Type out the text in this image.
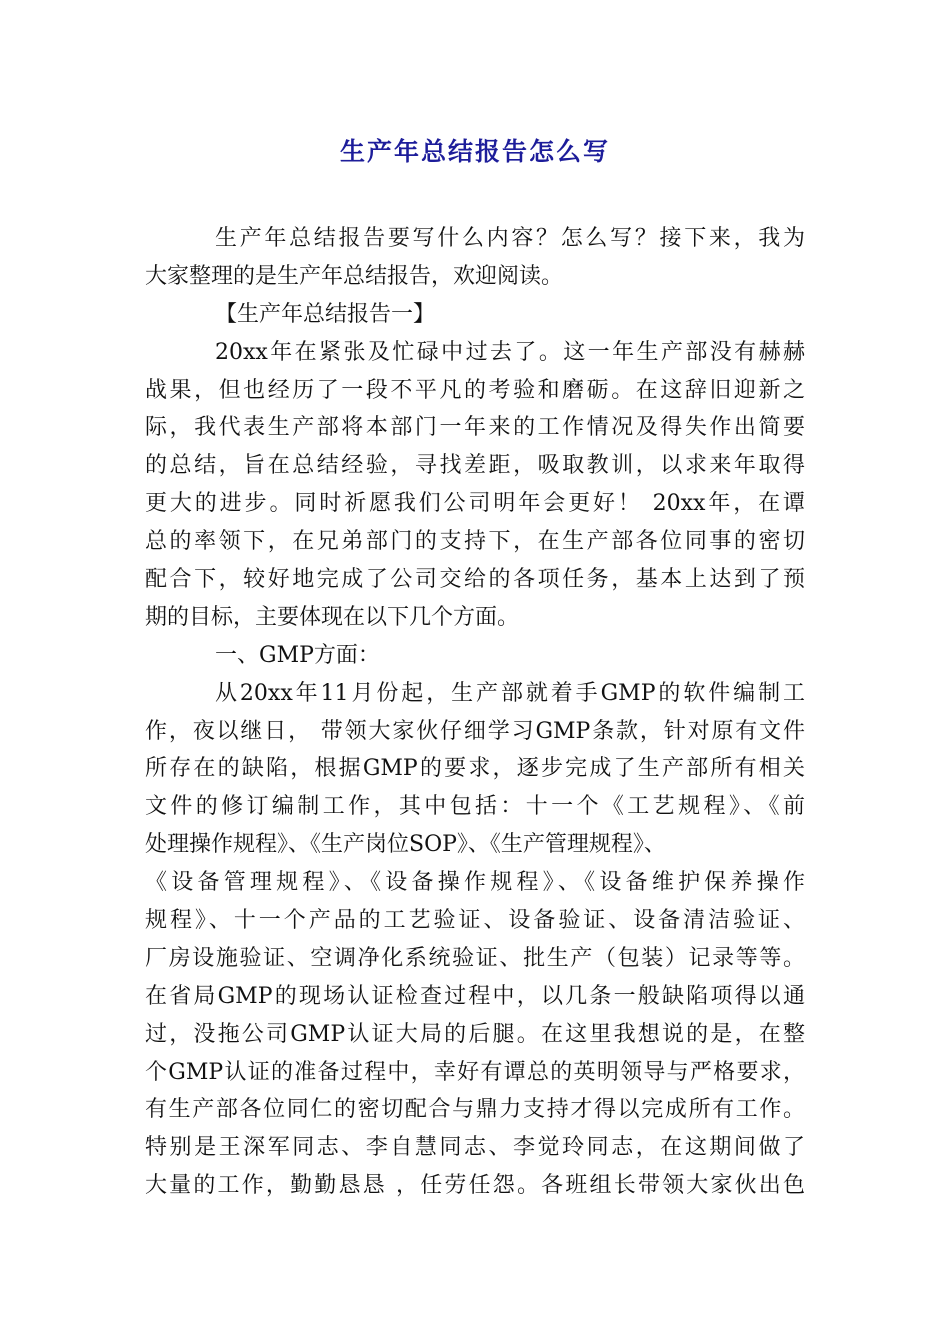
生产年总结报告怎么写
生产年总结报告要写什么内容？怎么写？接下来，我为
大家整理的是生产年总结报告，欢迎阅读。
【生产年总结报告一】
20xx年在紧张及忙碌中过去了。这一年生产部没有赫赫
战果，但也经历了一段不平凡的考验和磨砺。在这辞旧迎新之
际，我代表生产部将本部门一年来的工作情况及得失作出简要
的总结，旨在总结经验，寻找差距，吸取教训，以求来年取得
更大的进步。同时祈愿我们公司明年会更好！ 20xx年，在谭
总的率领下，在兄弟部门的支持下，在生产部各位同事的密切
配合下，较好地完成了公司交给的各项任务，基本上达到了预
期的目标，主要体现在以下几个方面。
一、GMP方面：
从20xx年11月份起，生产部就着手GMP的软件编制工
作，夜以继日， 带领大家伙仔细学习GMP条款，针对原有文件
所存在的缺陷，根据GMP的要求，逐步完成了生产部所有相关
文件的修订编制工作，其中包括：十一个《工艺规程》、《前
处理操作规程》、《生产岗位SOP》、《生产管理规程》、
《设备管理规程》、《设备操作规程》、《设备维护保养操作
规程》、十一个产品的工艺验证、设备验证、设备清洁验证、
厂房设施验证、空调净化系统验证、批生产（包装）记录等等。
在省局GMP的现场认证检查过程中，以几条一般缺陷项得以通
过，没拖公司GMP认证大局的后腿。在这里我想说的是，在整
个GMP认证的准备过程中，幸好有谭总的英明领导与严格要求，
有生产部各位同仁的密切配合与鼎力支持才得以完成所有工作。
特别是王深军同志、李自慧同志、李觉玲同志，在这期间做了
大量的工作，勤勤恳恳 ，任劳任怨。各班组长带领大家伙出色
